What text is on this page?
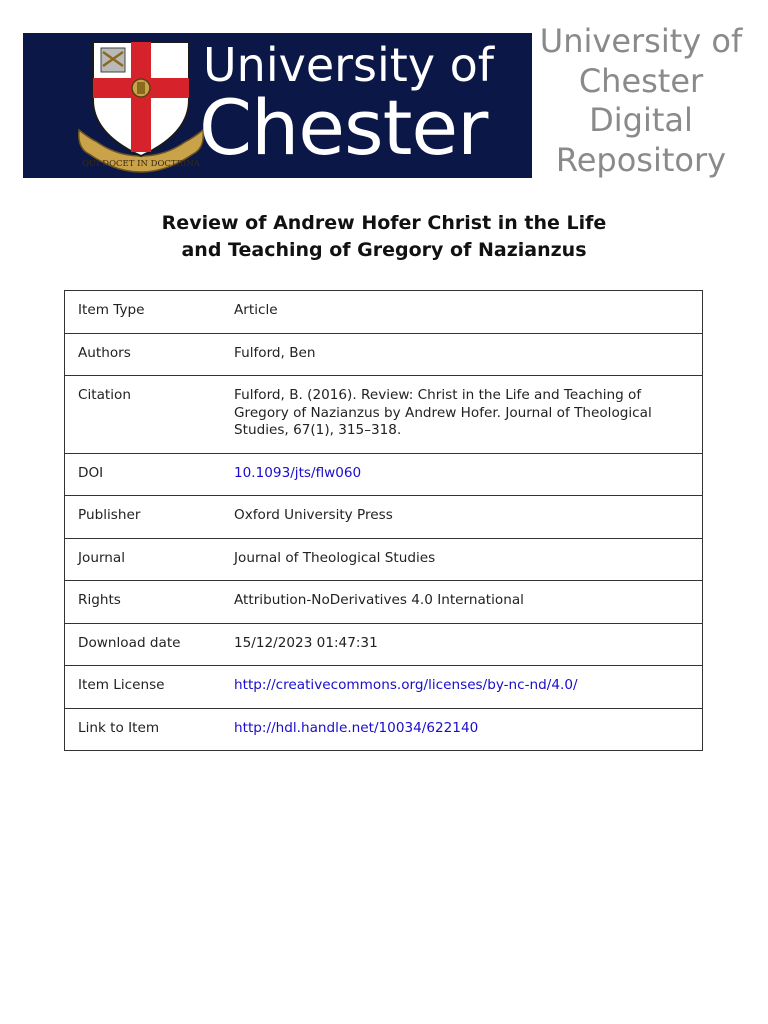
QUI DOCET IN DOCTRINA
University of
Chester
University of
Chester
Digital
Repository
Review of Andrew Hofer Christ in the Life
and Teaching of Gregory of Nazianzus
Item Type	Article
Authors	Fulford, Ben
Citation	Fulford, B. (2016). Review: Christ in the Life and Teaching of Gregory of Nazianzus by Andrew Hofer. Journal of Theological Studies, 67(1), 315–318.
DOI	10.1093/jts/flw060
Publisher	Oxford University Press
Journal	Journal of Theological Studies
Rights	Attribution-NoDerivatives 4.0 International
Download date	15/12/2023 01:47:31
Item License	http://creativecommons.org/licenses/by-nc-nd/4.0/
Link to Item	http://hdl.handle.net/10034/622140
